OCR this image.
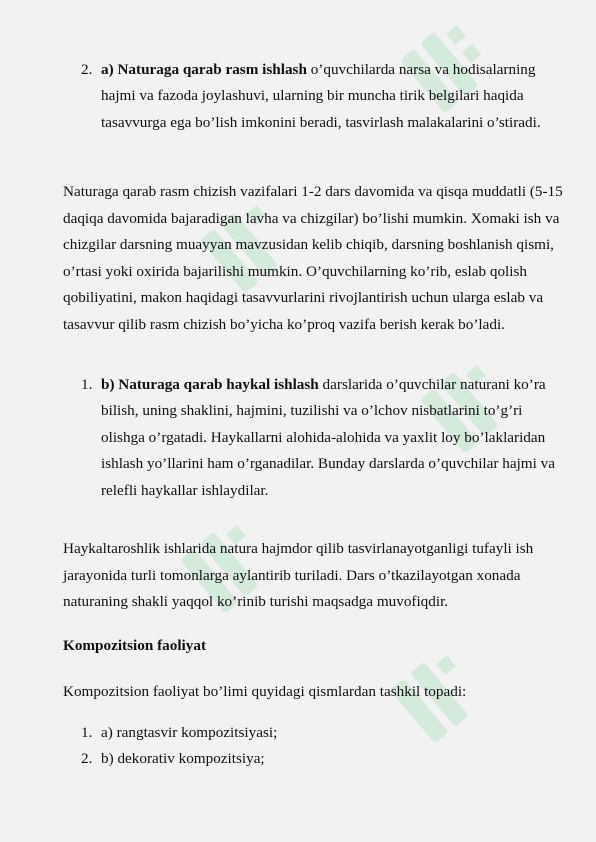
2. a) Naturaga qarab rasm ishlash o’quvchilarda narsa va hodisalarning hajmi va fazoda joylashuvi, ularning bir muncha tirik belgilari haqida tasavvurga ega bo’lish imkonini beradi, tasvirlash malakalarini o’stiradi.

Naturaga qarab rasm chizish vazifalari 1-2 dars davomida va qisqa muddatli (5-15 daqiqa davomida bajaradigan lavha va chizgilar) bo’lishi mumkin. Xomaki ish va chizgilar darsning muayyan mavzusidan kelib chiqib, darsning boshlanish qismi, o’rtasi yoki oxirida bajarilishi mumkin. O’quvchilarning ko’rib, eslab qolish qobiliyatini, makon haqidagi tasavvurlarini rivojlantirish uchun ularga eslab va tasavvur qilib rasm chizish bo’yicha ko’proq vazifa berish kerak bo’ladi.

1. b) Naturaga qarab haykal ishlash darslarida o’quvchilar naturani ko’ra bilish, uning shaklini, hajmini, tuzilishi va o’lchov nisbatlarini to’g’ri olishga o’rgatadi. Haykallarni alohida-alohida va yaxlit loy bo’laklaridan ishlash yo’llarini ham o’rganadilar. Bunday darslarda o’quvchilar hajmi va relefli haykallar ishlaydilar.

Haykaltaroshlik ishlarida natura hajmdor qilib tasvirlanayotganligi tufayli ish jarayonida turli tomonlarga aylantirib turiladi. Dars o’tkazilayotgan xonada naturaning shakli yaqqol ko’rinib turishi maqsadga muvofiqdir.

Kompozitsion faoliyat
Kompozitsion faoliyat bo’limi quyidagi qismlardan tashkil topadi:
1. a) rangtasvir kompozitsiyasi;
2. b) dekorativ kompozitsiya;
